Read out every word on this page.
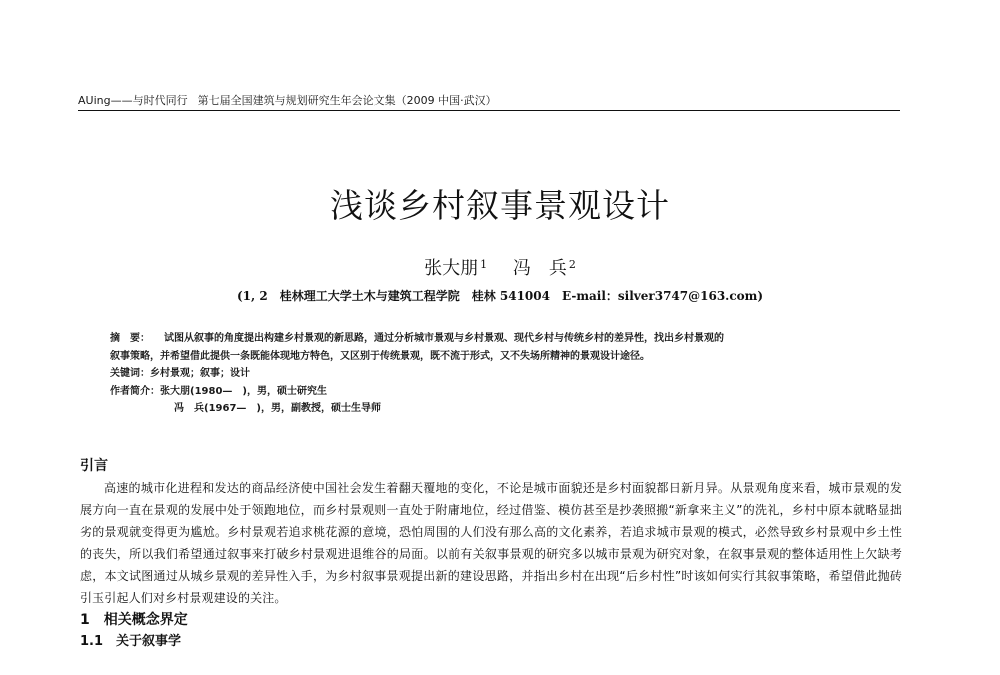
AUing——与时代同行 第七届全国建筑与规划研究生年会论文集（2009 中国·武汉）
浅谈乡村叙事景观设计
张大朋 $^1$ 冯　兵 $^2$
(1, 2　桂林理工大学土木与建筑工程学院　桂林 541004　E-mail：silver3747@163.com)
摘　要： 试图从叙事的角度提出构建乡村景观的新思路，通过分析城市景观与乡村景观、现代乡村与传统乡村的差异性，找出乡村景观的
叙事策略，并希望借此提供一条既能体现地方特色，又区别于传统景观，既不流于形式，又不失场所精神的景观设计途径。
关键词：乡村景观；叙事；设计
作者简介：张大朋(1980—　)，男，硕士研究生
冯　兵(1967—　)，男，副教授，硕士生导师
引言

高速的城市化进程和发达的商品经济使中国社会发生着翻天覆地的变化，不论是城市面貌还是乡村面貌都日新月异。从景观角度来看，城市景观的发展方向一直在景观的发展中处于领跑地位，而乡村景观则一直处于附庸地位，经过借鉴、模仿甚至是抄袭照搬“新拿来主义”的洗礼，乡村中原本就略显拙劣的景观就变得更为尴尬。乡村景观若追求桃花源的意境，恐怕周围的人们没有那么高的文化素养，若追求城市景观的模式，必然导致乡村景观中乡土性的丧失，所以我们希望通过叙事来打破乡村景观进退维谷的局面。以前有关叙事景观的研究多以城市景观为研究对象，在叙事景观的整体适用性上欠缺考虑，本文试图通过从城乡景观的差异性入手，为乡村叙事景观提出新的建设思路，并指出乡村在出现“后乡村性”时该如何实行其叙事策略，希望借此抛砖引玉引起人们对乡村景观建设的关注。

1　相关概念界定
1.1　关于叙事学
